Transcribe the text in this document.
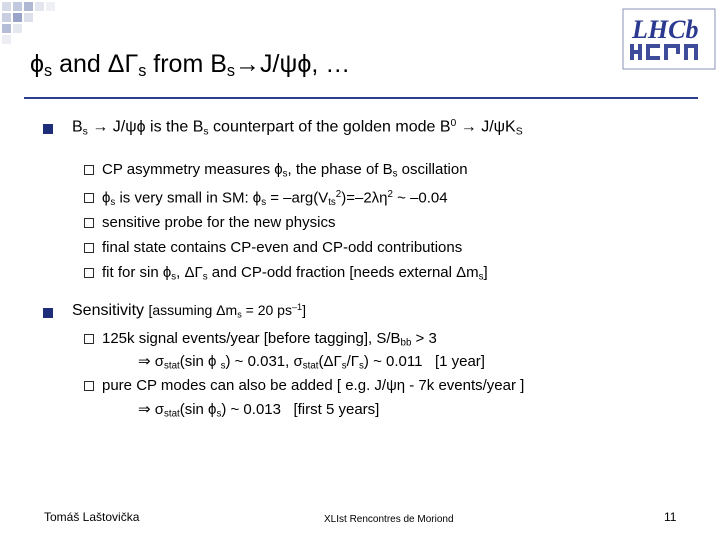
LHCb
$\phi_s$ and $\Delta\Gamma_s$ from $B_s\to J/\psi\phi$, …
$B_s \to J/\psi\phi$ is the $B_s$ counterpart of the golden mode $B^0 \to J/\psi K_S$
CP asymmetry measures $\phi_s$, the phase of $B_s$ oscillation
$\phi_s$ is very small in SM: $\phi_s = -arg(V_{ts}^2)=-2\lambda\eta^2$ ~ –0.04
sensitive probe for the new physics
final state contains CP-even and CP-odd contributions
fit for $\sin \phi_s$, $\Delta\Gamma_s$ and CP-odd fraction [needs external $\Delta m_s$]
Sensitivity [assuming $\Delta m_s = 20$ $ps^{-1}$]
125k signal events/year [before tagging], $S/B_{bb} > 3$
⇒ $\sigma_{stat}(\sin$ ϕ $_s$) ~ 0.031, $\sigma_{stat}(\Delta\Gamma_s/\Gamma_s)$ ~ 0.011   [1 year]
pure CP modes can also be added [ e.g. J/ψη - 7k events/year ]
⇒ $\sigma_{stat}(\sin$ $\phi_s$) ~ 0.013   [first 5 years]
Tomáš Laštovička	XLIst Rencontres de Moriond	11
